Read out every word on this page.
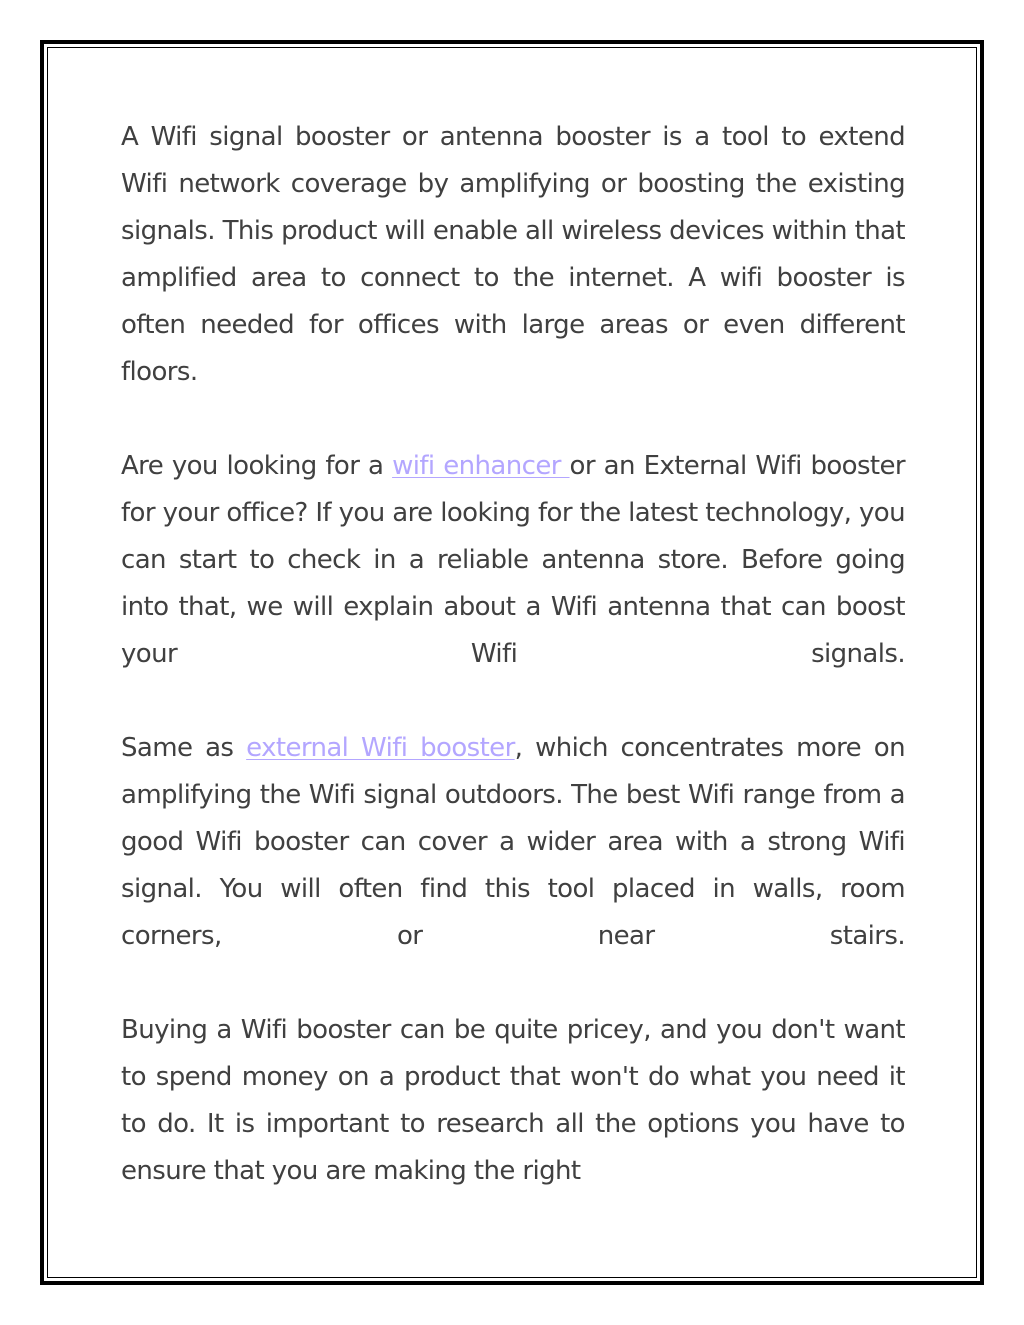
A Wifi signal booster or antenna booster is a tool to extend Wifi network coverage by amplifying or boosting the existing signals. This product will enable all wireless devices within that amplified area to connect to the internet. A wifi booster is often needed for offices with large areas or even different floors.

Are you looking for a wifi enhancer or an External Wifi booster for your office? If you are looking for the latest technology, you can start to check in a reliable antenna store. Before going into that, we will explain about a Wifi antenna that can boost your Wifi signals.

Same as external Wifi booster, which concentrates more on amplifying the Wifi signal outdoors. The best Wifi range from a good Wifi booster can cover a wider area with a strong Wifi signal. You will often find this tool placed in walls, room corners, or near stairs.

Buying a Wifi booster can be quite pricey, and you don't want to spend money on a product that won't do what you need it to do. It is important to research all the options you have to ensure that you are making the right
